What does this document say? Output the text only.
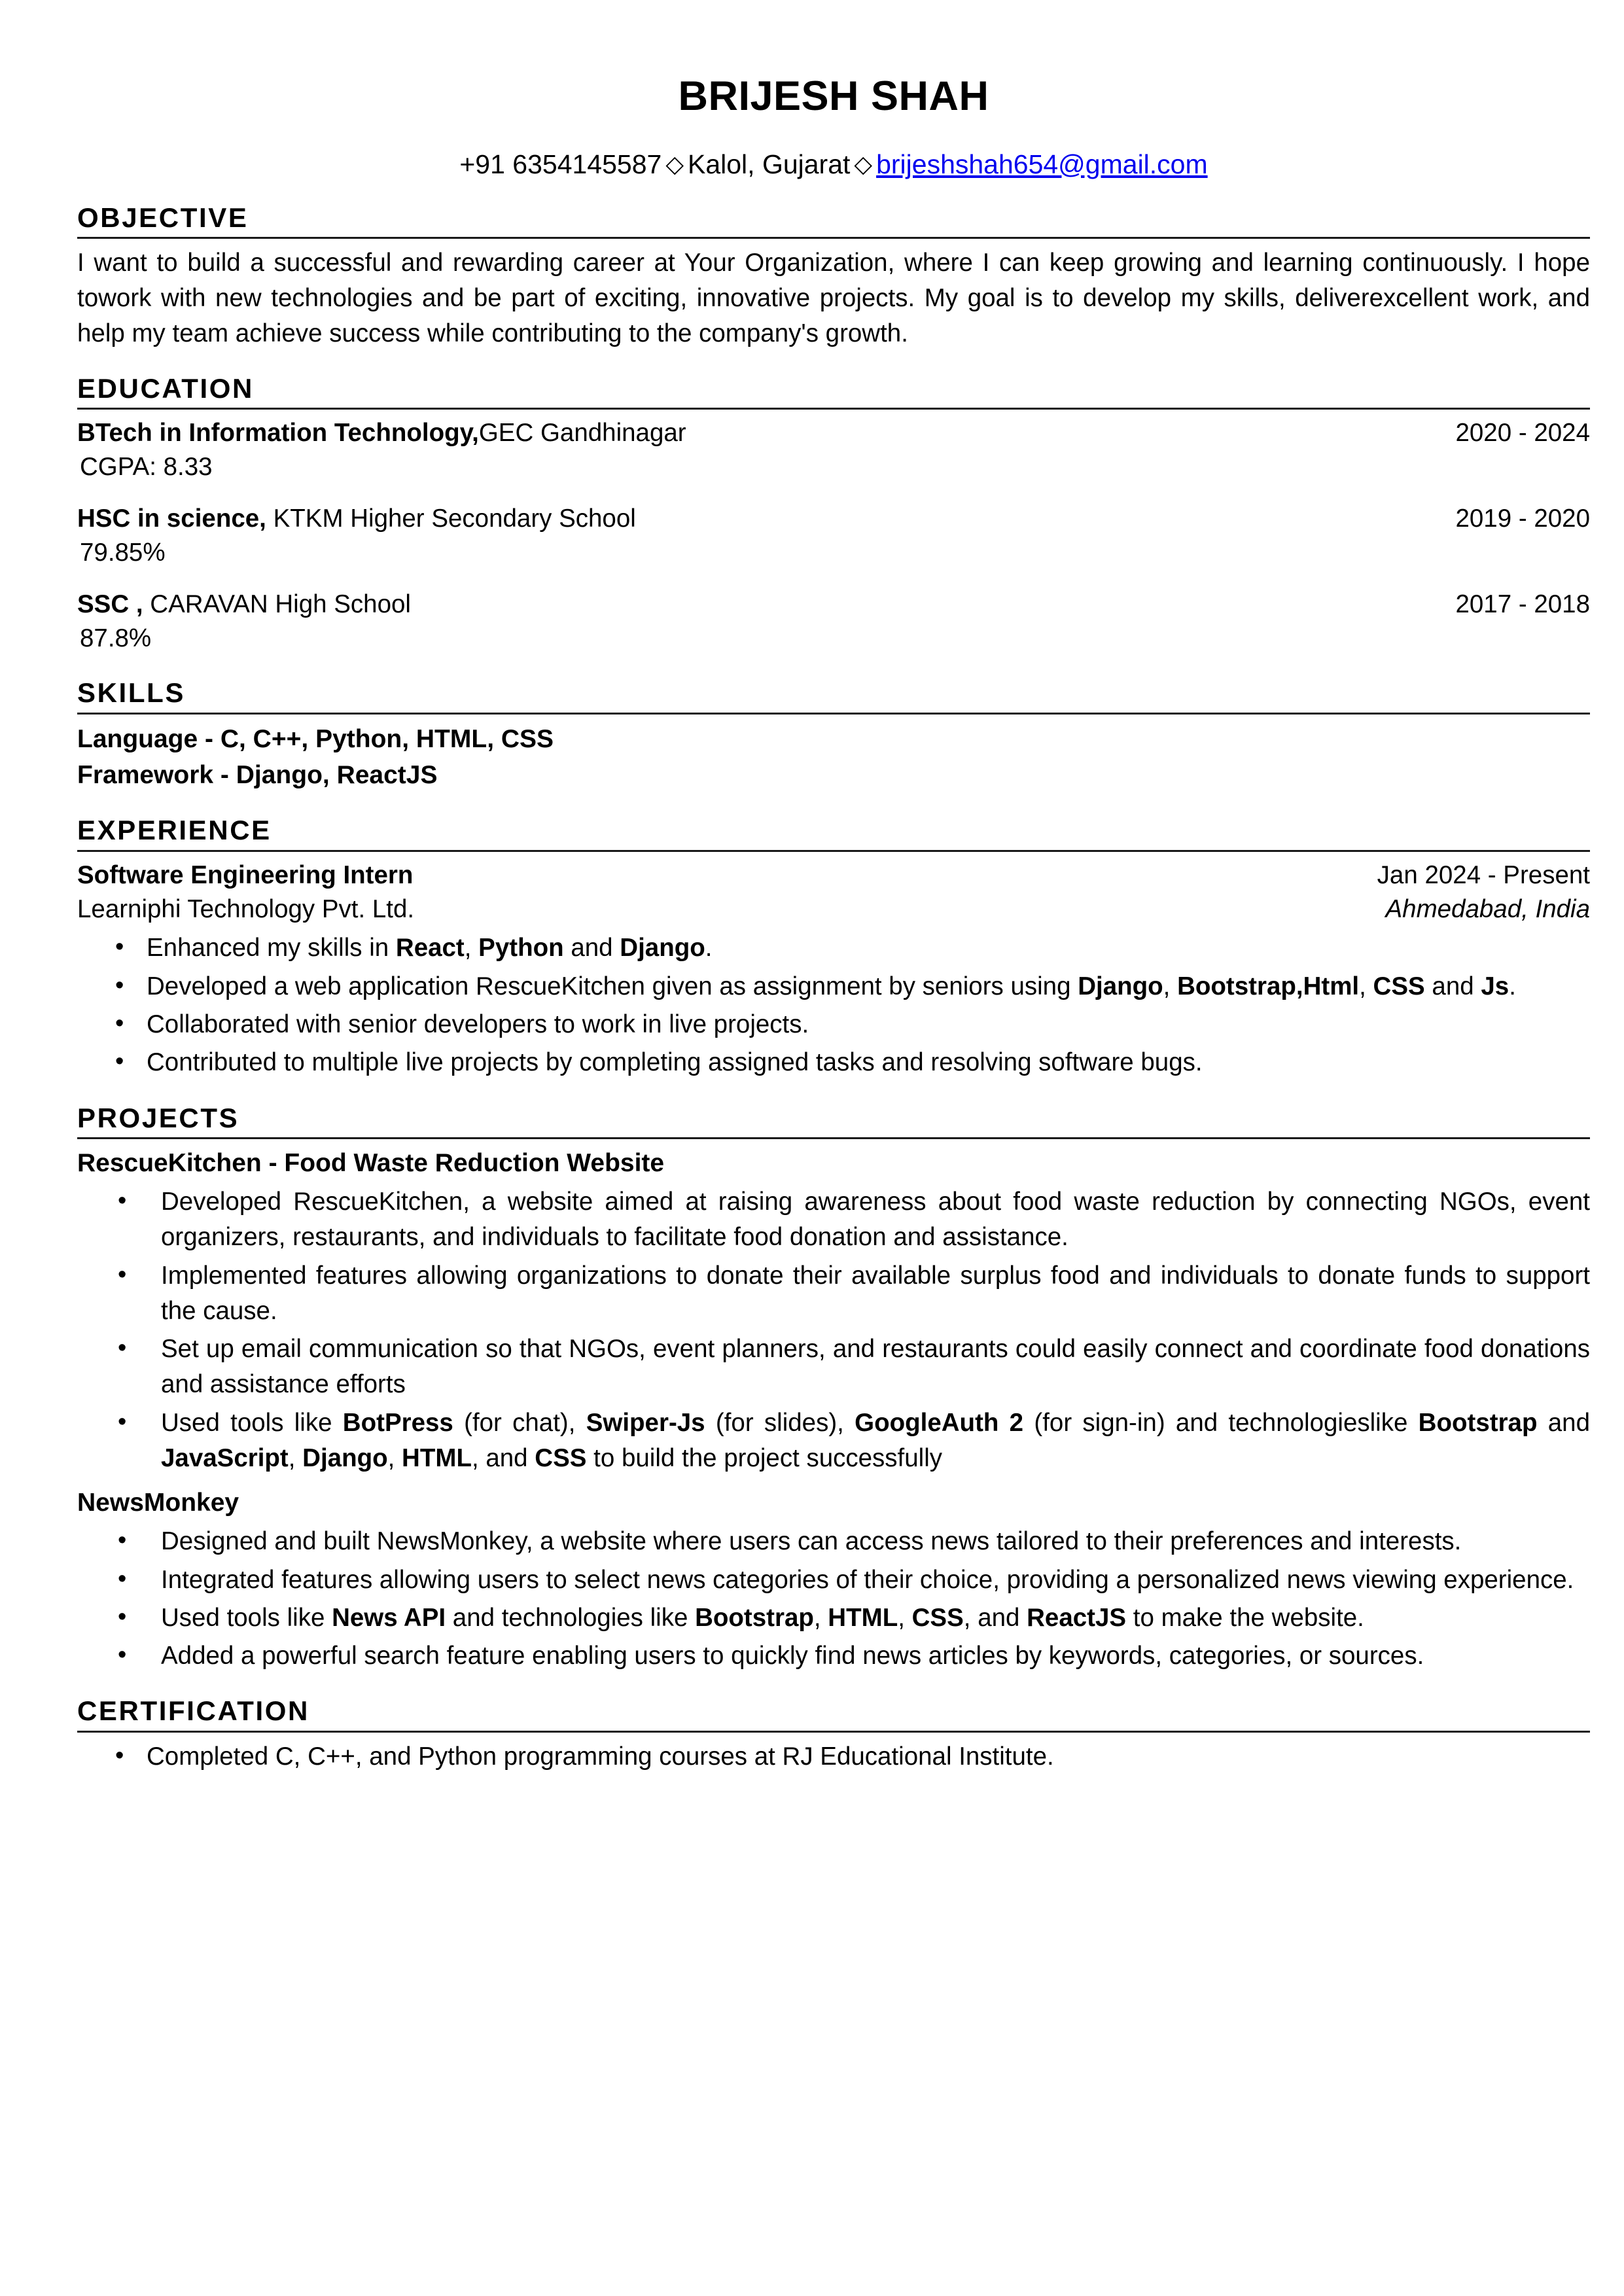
BRIJESH SHAH
+91 6354145587 ◇ Kalol, Gujarat ◇ brijeshshah654@gmail.com
OBJECTIVE
I want to build a successful and rewarding career at Your Organization, where I can keep growing and learning continuously. I hope towork with new technologies and be part of exciting, innovative projects. My goal is to develop my skills, deliverexcellent work, and help my team achieve success while contributing to the company's growth.
EDUCATION
BTech in Information Technology,GEC Gandhinagar	2020 - 2024
CGPA: 8.33
HSC in science, KTKM Higher Secondary School	2019 - 2020
79.85%
SSC , CARAVAN High School	2017 - 2018
87.8%
SKILLS
Language - C, C++, Python, HTML, CSS
Framework - Django, ReactJS
EXPERIENCE
Software Engineering Intern	Jan 2024 - Present
Learniphi Technology Pvt. Ltd.	Ahmedabad, India
• Enhanced my skills in React, Python and Django.
• Developed a web application RescueKitchen given as assignment by seniors using Django, Bootstrap,Html, CSS and Js.
• Collaborated with senior developers to work in live projects.
• Contributed to multiple live projects by completing assigned tasks and resolving software bugs.
PROJECTS
RescueKitchen - Food Waste Reduction Website
• Developed RescueKitchen, a website aimed at raising awareness about food waste reduction by connecting NGOs, event organizers, restaurants, and individuals to facilitate food donation and assistance.
• Implemented features allowing organizations to donate their available surplus food and individuals to donate funds to support the cause.
• Set up email communication so that NGOs, event planners, and restaurants could easily connect and coordinate food donations and assistance efforts
• Used tools like BotPress (for chat), Swiper-Js (for slides), GoogleAuth 2 (for sign-in) and technologieslike Bootstrap and JavaScript, Django, HTML, and CSS to build the project successfully
NewsMonkey
• Designed and built NewsMonkey, a website where users can access news tailored to their preferences and interests.
• Integrated features allowing users to select news categories of their choice, providing a personalized news viewing experience.
• Used tools like News API and technologies like Bootstrap, HTML, CSS, and ReactJS to make the website.
• Added a powerful search feature enabling users to quickly find news articles by keywords, categories, or sources.
CERTIFICATION
• Completed C, C++, and Python programming courses at RJ Educational Institute.
